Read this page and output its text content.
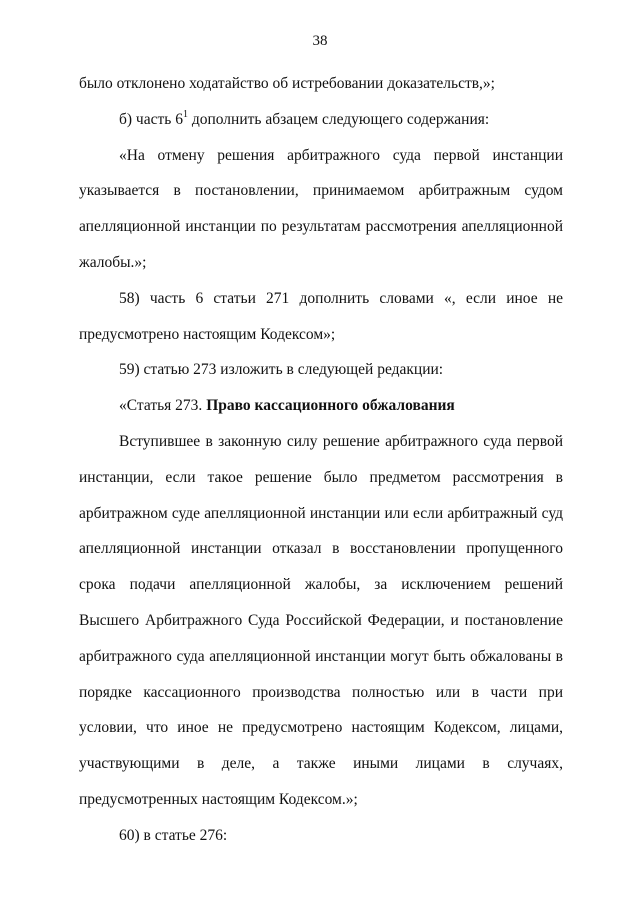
38

было отклонено ходатайство об истребовании доказательств,»;

б) часть $6^1$ дополнить абзацем следующего содержания:

«На отмену решения арбитражного суда первой инстанции указывается в постановлении, принимаемом арбитражным судом апелляционной инстанции по результатам рассмотрения апелляционной жалобы.»;

58) часть 6 статьи 271 дополнить словами «, если иное не предусмотрено настоящим Кодексом»;

59) статью 273 изложить в следующей редакции:

«Статья 273. Право кассационного обжалования

Вступившее в законную силу решение арбитражного суда первой инстанции, если такое решение было предметом рассмотрения в арбитражном суде апелляционной инстанции или если арбитражный суд апелляционной инстанции отказал в восстановлении пропущенного срока подачи апелляционной жалобы, за исключением решений Высшего Арбитражного Суда Российской Федерации, и постановление арбитражного суда апелляционной инстанции могут быть обжалованы в порядке кассационного производства полностью или в части при условии, что иное не предусмотрено настоящим Кодексом, лицами, участвующими в деле, а также иными лицами в случаях, предусмотренных настоящим Кодексом.»;

60) в статье 276:
